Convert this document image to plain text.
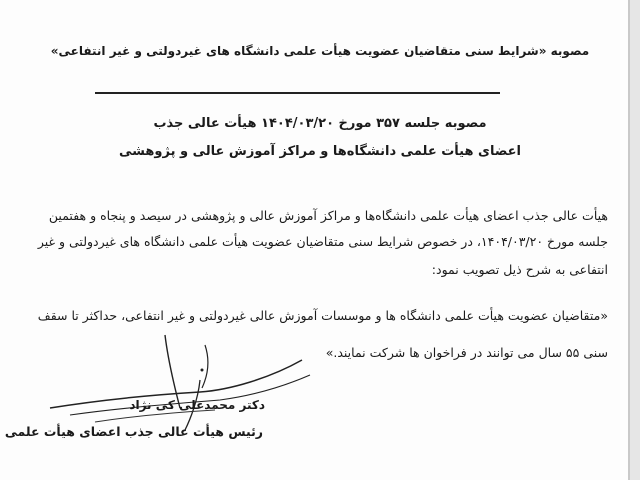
مصوبه «شرایط سنی متقاضیان عضویت هیأت علمی دانشگاه های غیردولتی و غیر انتفاعی»
مصوبه جلسه ۳۵۷ مورخ ۱۴۰۴/۰۳/۲۰ هیأت عالی جذب
اعضای هیأت علمی دانشگاه‌ها و مراکز آموزش عالی و پژوهشی
هیأت عالی جذب اعضای هیأت علمی دانشگاه‌ها و مراکز آموزش عالی و پژوهشی در سیصد و پنجاه و هفتمین
جلسه مورخ ۱۴۰۴/۰۳/۲۰، در خصوص شرایط سنی متقاضیان عضویت هیأت علمی دانشگاه های غیردولتی و غیر
انتفاعی به شرح ذیل تصویب نمود:
«متقاضیان عضویت هیأت علمی دانشگاه ها و موسسات آموزش عالی غیردولتی و غیر انتفاعی، حداکثر تا سقف
سنی ۵۵ سال می توانند در فراخوان ها شرکت نمایند.»
دکتر محمدعلی کی نژاد
رئیس هیأت عالی جذب اعضای هیأت علمی
